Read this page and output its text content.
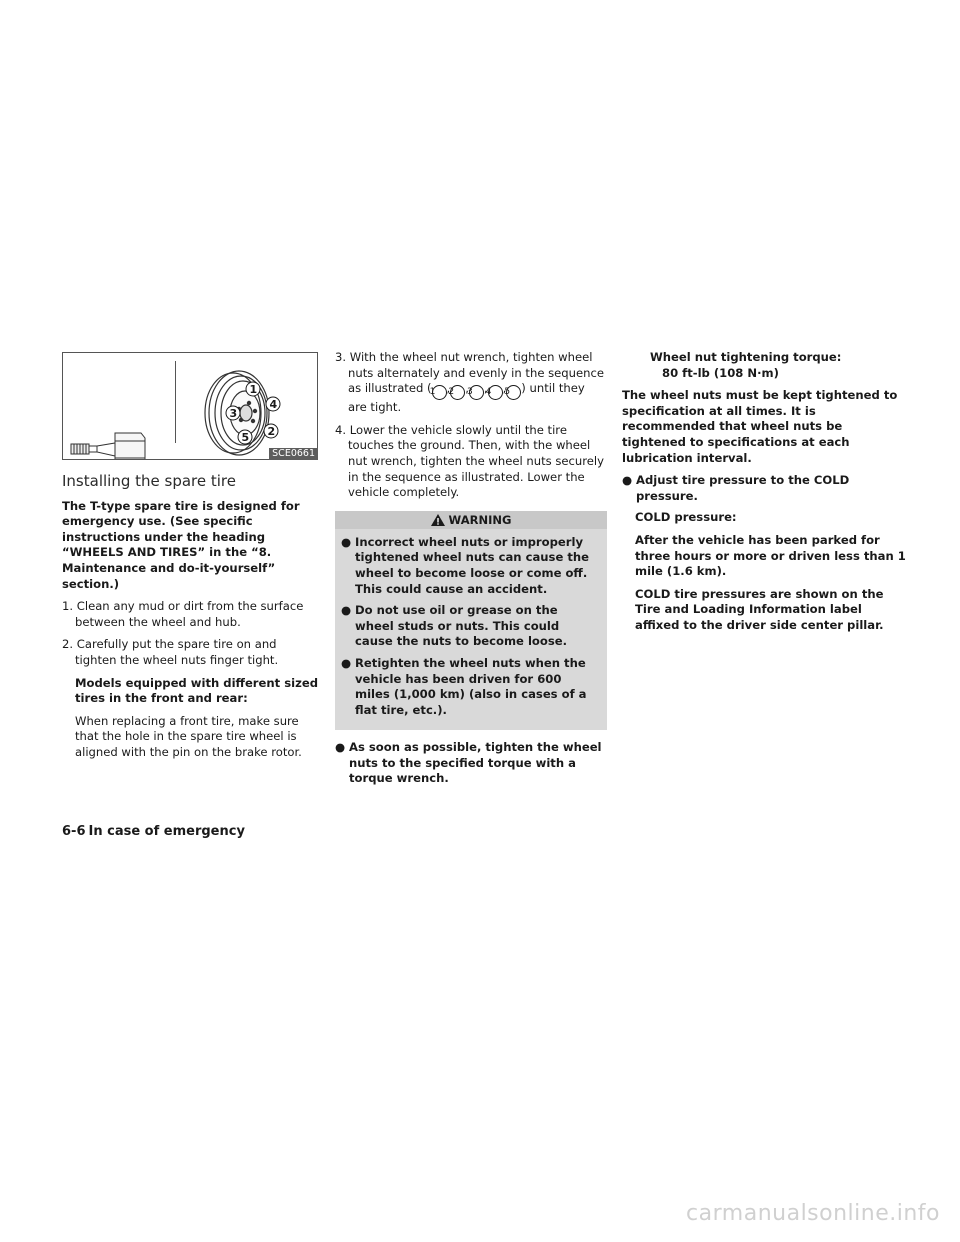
1
4
3
2
5
SCE0661
Installing the spare tire

The T-type spare tire is designed for emergency use. (See specific instructions under the heading “WHEELS AND TIRES” in the “8. Maintenance and do-it-yourself” section.)

1. Clean any mud or dirt from the surface between the wheel and hub.

2. Carefully put the spare tire on and tighten the wheel nuts finger tight.

Models equipped with different sized tires in the front and rear:

When replacing a front tire, make sure that the hole in the spare tire wheel is aligned with the pin on the brake rotor.

3. With the wheel nut wrench, tighten wheel nuts alternately and evenly in the sequence as illustrated (1 ,2 ,3 ,4 ,5 ) until they are tight.

4. Lower the vehicle slowly until the tire touches the ground. Then, with the wheel nut wrench, tighten the wheel nuts securely in the sequence as illustrated. Lower the vehicle completely.

WARNING
● Incorrect wheel nuts or improperly tightened wheel nuts can cause the wheel to become loose or come off. This could cause an accident.
● Do not use oil or grease on the wheel studs or nuts. This could cause the nuts to become loose.
● Retighten the wheel nuts when the vehicle has been driven for 600 miles (1,000 km) (also in cases of a flat tire, etc.).
● As soon as possible, tighten the wheel nuts to the specified torque with a torque wrench.

Wheel nut tightening torque:

80 ft-lb (108 N·m)

The wheel nuts must be kept tightened to specification at all times. It is recommended that wheel nuts be tightened to specifications at each lubrication interval.

● Adjust tire pressure to the COLD pressure.

COLD pressure:

After the vehicle has been parked for three hours or more or driven less than 1 mile (1.6 km).

COLD tire pressures are shown on the Tire and Loading Information label affixed to the driver side center pillar.

6-6 In case of emergency
carmanualsonline.info
